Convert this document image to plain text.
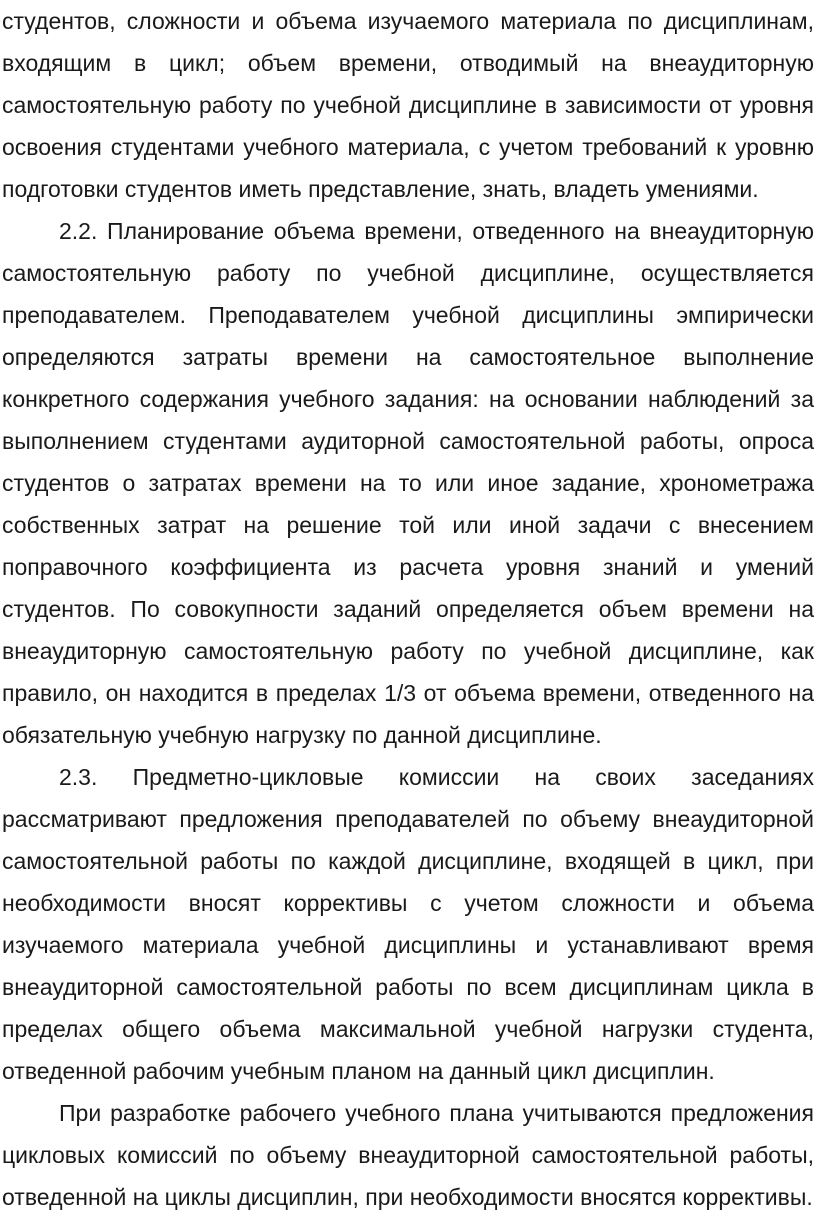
студентов, сложности и объема изучаемого материала по дисциплинам, входящим в цикл; объем времени, отводимый на внеаудиторную самостоятельную работу по учебной дисциплине в зависимости от уровня освоения студентами учебного материала, с учетом требований к уровню подготовки студентов иметь представление, знать, владеть умениями.

2.2. Планирование объема времени, отведенного на внеаудиторную самостоятельную работу по учебной дисциплине, осуществляется преподавателем. Преподавателем учебной дисциплины эмпирически определяются затраты времени на самостоятельное выполнение конкретного содержания учебного задания: на основании наблюдений за выполнением студентами аудиторной самостоятельной работы, опроса студентов о затратах времени на то или иное задание, хронометража собственных затрат на решение той или иной задачи с внесением поправочного коэффициента из расчета уровня знаний и умений студентов. По совокупности заданий определяется объем времени на внеаудиторную самостоятельную работу по учебной дисциплине, как правило, он находится в пределах 1/3 от объема времени, отведенного на обязательную учебную нагрузку по данной дисциплине.

2.3. Предметно-цикловые комиссии на своих заседаниях рассматривают предложения преподавателей по объему внеаудиторной самостоятельной работы по каждой дисциплине, входящей в цикл, при необходимости вносят коррективы с учетом сложности и объема изучаемого материала учебной дисциплины и устанавливают время внеаудиторной самостоятельной работы по всем дисциплинам цикла в пределах общего объема максимальной учебной нагрузки студента, отведенной рабочим учебным планом на данный цикл дисциплин.

При разработке рабочего учебного плана учитываются предложения цикловых комиссий по объему внеаудиторной самостоятельной работы, отведенной на циклы дисциплин, при необходимости вносятся коррективы.
